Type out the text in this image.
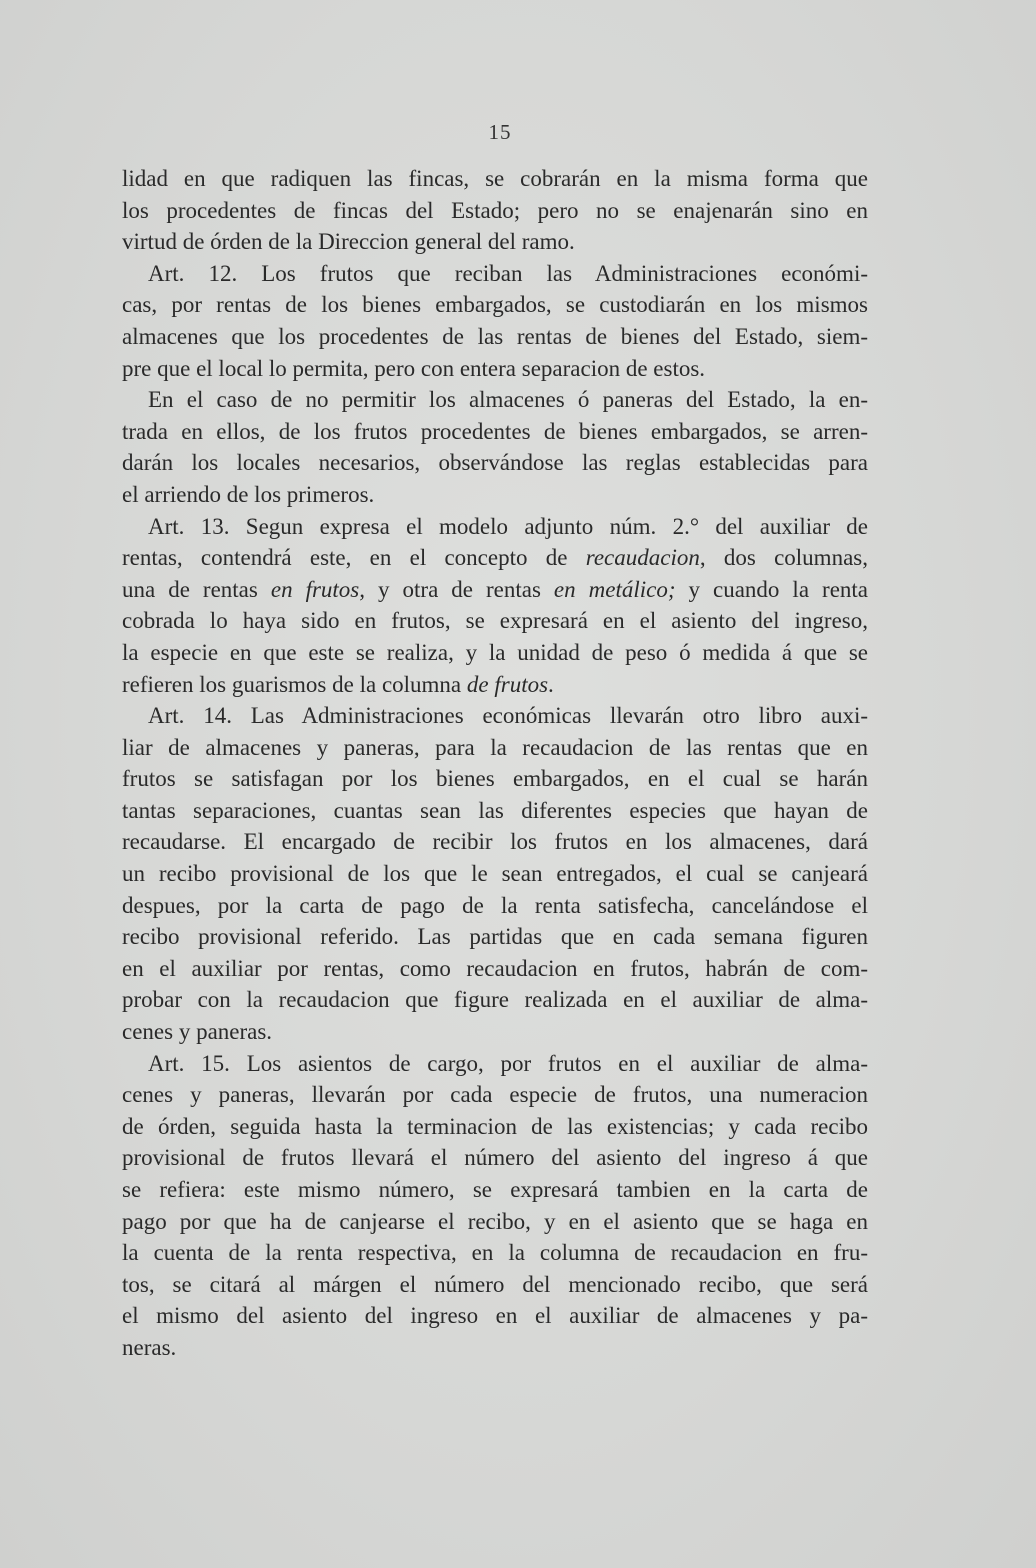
15
lidad en que radiquen las fincas, se cobrarán en la misma forma que
los procedentes de fincas del Estado; pero no se enajenarán sino en
virtud de órden de la Direccion general del ramo.
Art. 12. Los frutos que reciban las Administraciones económi-
cas, por rentas de los bienes embargados, se custodiarán en los mismos
almacenes que los procedentes de las rentas de bienes del Estado, siem-
pre que el local lo permita, pero con entera separacion de estos.
En el caso de no permitir los almacenes ó paneras del Estado, la en-
trada en ellos, de los frutos procedentes de bienes embargados, se arren-
darán los locales necesarios, observándose las reglas establecidas para
el arriendo de los primeros.
Art. 13. Segun expresa el modelo adjunto núm. 2.° del auxiliar de
rentas, contendrá este, en el concepto de recaudacion, dos columnas,
una de rentas en frutos, y otra de rentas en metálico; y cuando la renta
cobrada lo haya sido en frutos, se expresará en el asiento del ingreso,
la especie en que este se realiza, y la unidad de peso ó medida á que se
refieren los guarismos de la columna de frutos.
Art. 14. Las Administraciones económicas llevarán otro libro auxi-
liar de almacenes y paneras, para la recaudacion de las rentas que en
frutos se satisfagan por los bienes embargados, en el cual se harán
tantas separaciones, cuantas sean las diferentes especies que hayan de
recaudarse. El encargado de recibir los frutos en los almacenes, dará
un recibo provisional de los que le sean entregados, el cual se canjeará
despues, por la carta de pago de la renta satisfecha, cancelándose el
recibo provisional referido. Las partidas que en cada semana figuren
en el auxiliar por rentas, como recaudacion en frutos, habrán de com-
probar con la recaudacion que figure realizada en el auxiliar de alma-
cenes y paneras.
Art. 15. Los asientos de cargo, por frutos en el auxiliar de alma-
cenes y paneras, llevarán por cada especie de frutos, una numeracion
de órden, seguida hasta la terminacion de las existencias; y cada recibo
provisional de frutos llevará el número del asiento del ingreso á que
se refiera: este mismo número, se expresará tambien en la carta de
pago por que ha de canjearse el recibo, y en el asiento que se haga en
la cuenta de la renta respectiva, en la columna de recaudacion en fru-
tos, se citará al márgen el número del mencionado recibo, que será
el mismo del asiento del ingreso en el auxiliar de almacenes y pa-
neras.
